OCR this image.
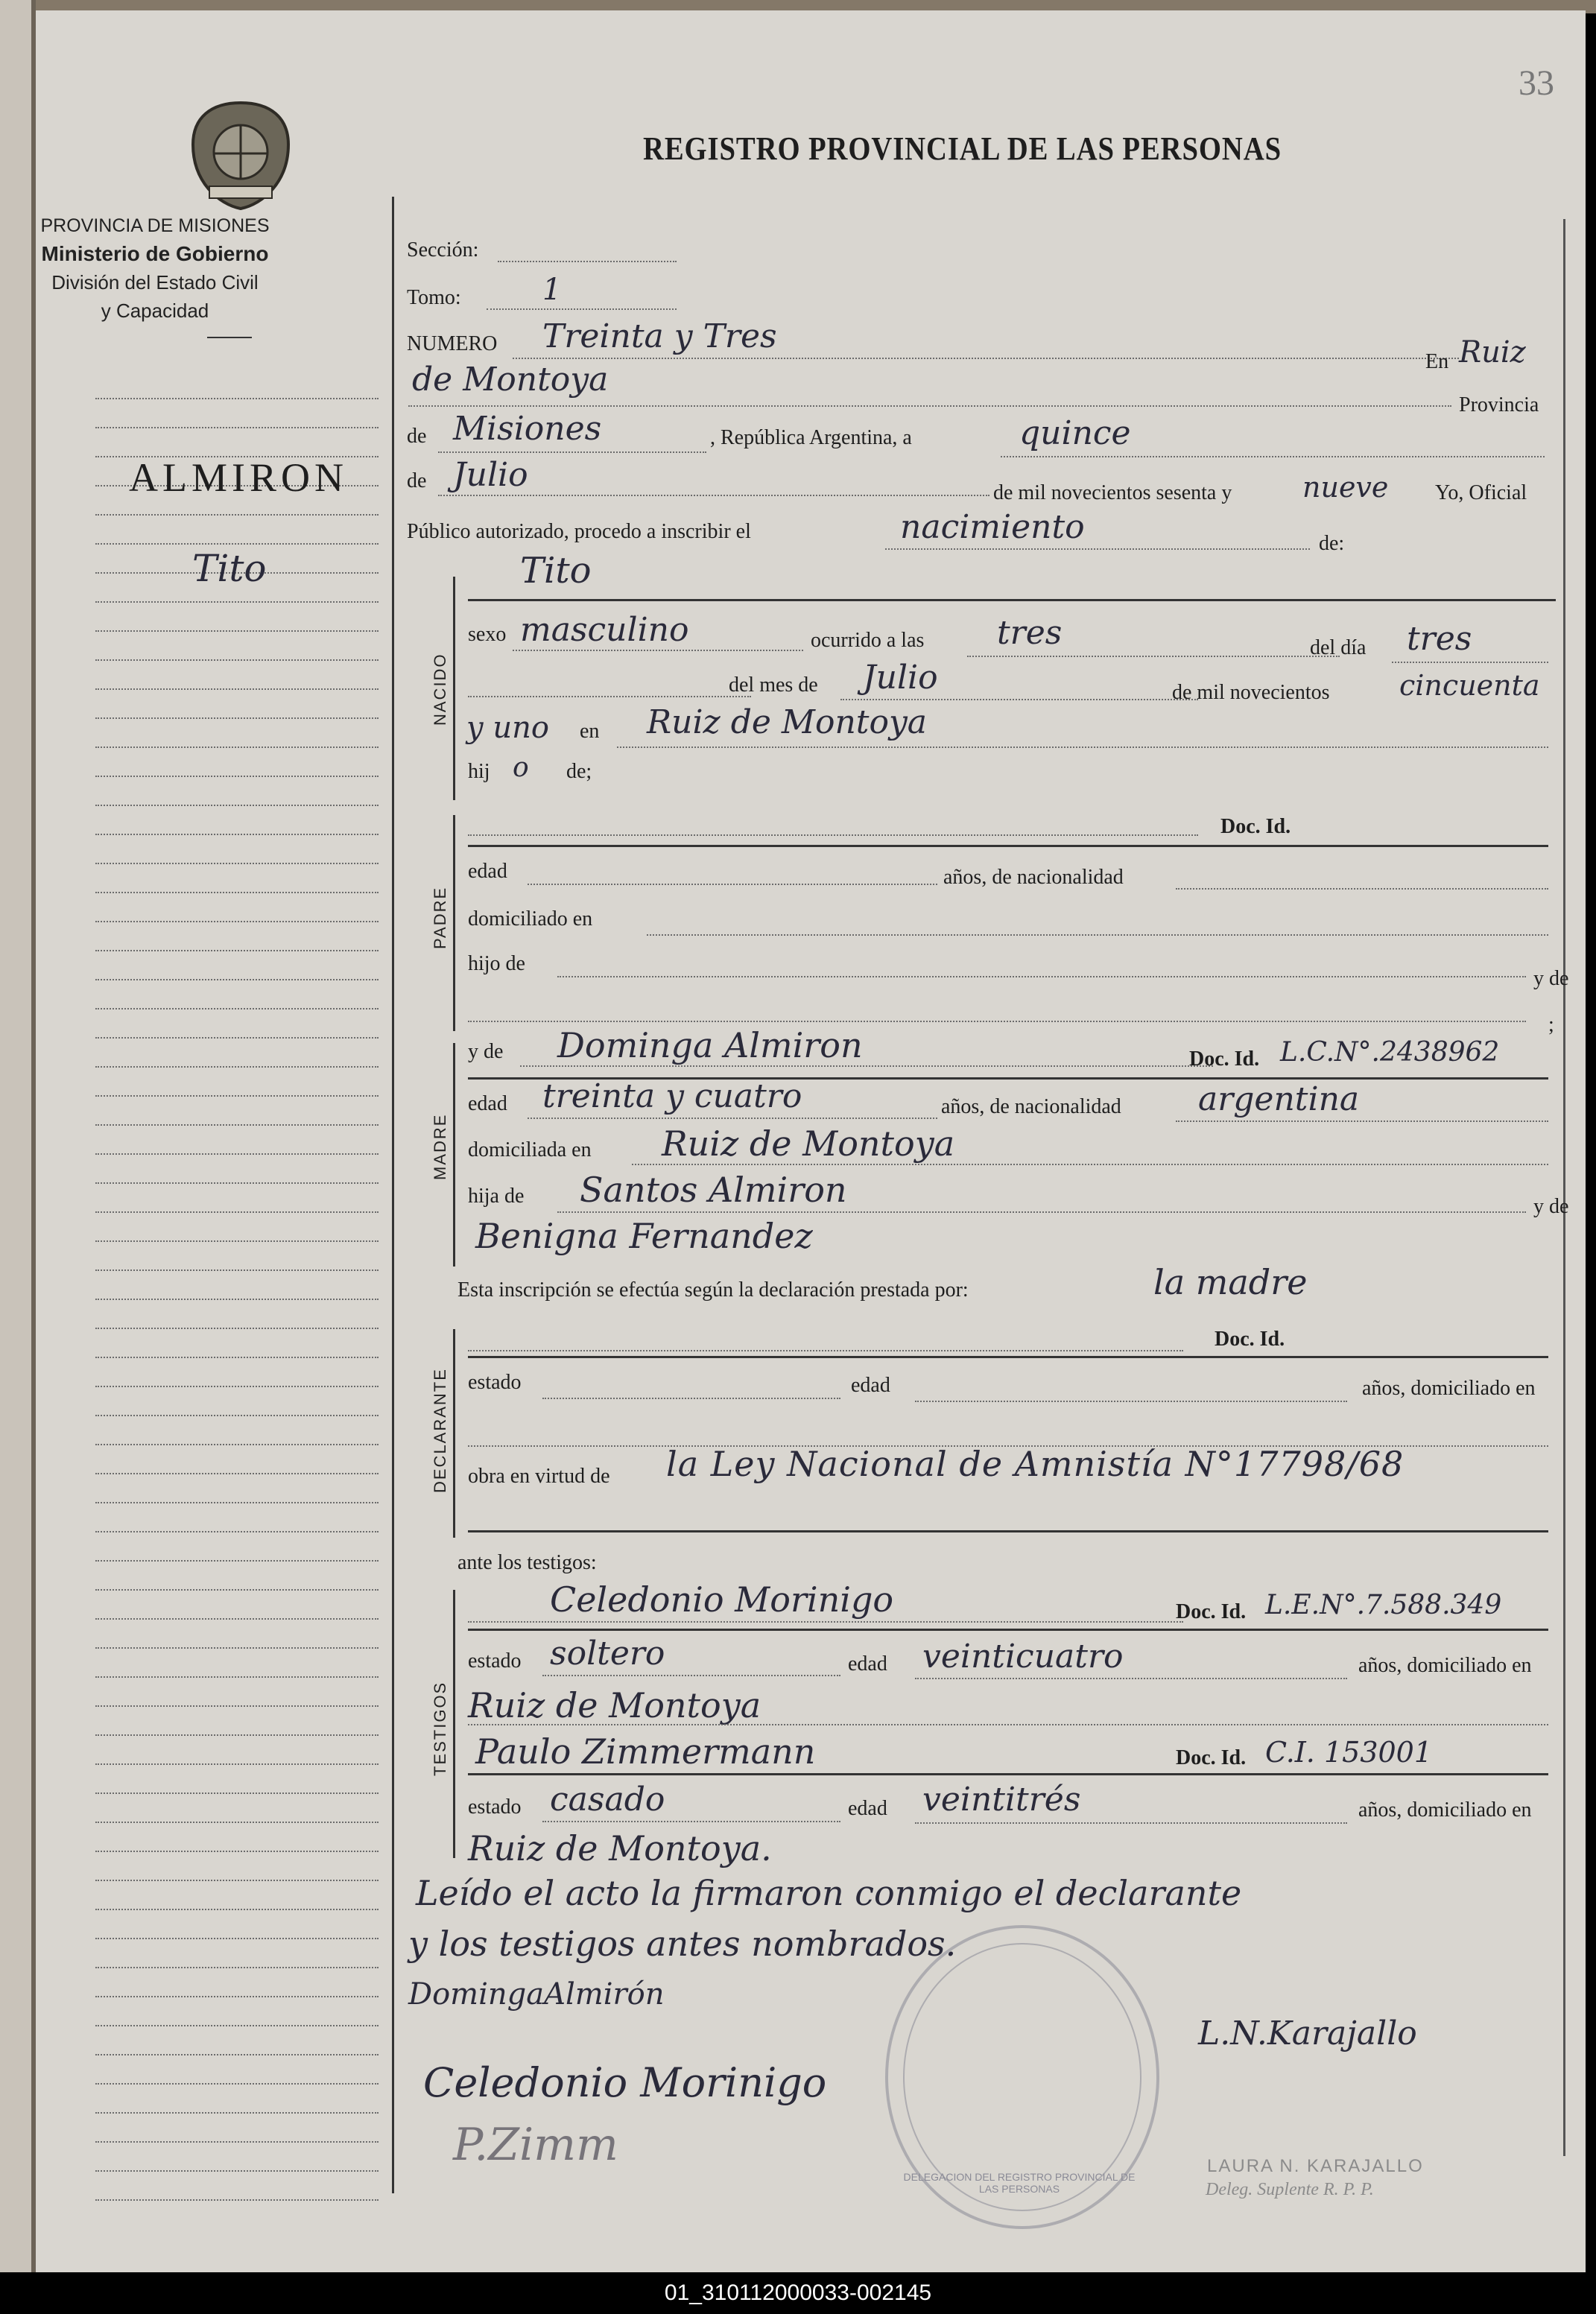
33
PROVINCIA DE MISIONES
Ministerio de Gobierno
División del Estado Civil
y Capacidad
REGISTRO PROVINCIAL DE LAS PERSONAS
ALMIRON
Tito
Sección:
Tomo:	1
NUMERO Treinta y Tres
En Ruiz
de Montoya
Provincia
de Misiones	, República Argentina, a	quince
de Julio	de mil novecientos sesenta y nueve Yo, Oficial
Público autorizado, procedo a inscribir el	nacimiento	de:
NACIDO
Tito
sexo masculino	ocurrido a las tres	del día tres
del mes de Julio	de mil novecientos cincuenta
y uno en Ruiz de Montoya
hij o de;
PADRE
Doc. Id.
edad	años, de nacionalidad
domiciliado en
hijo de
y de
;
MADRE
y de Dominga Almiron	Doc. Id. L.C.N°.2438962
edad treinta y cuatro	años, de nacionalidad argentina
domiciliada en Ruiz de Montoya
hija de Santos Almiron	y de
Benigna Fernandez
Esta inscripción se efectúa según la declaración prestada por:	la madre
DECLARANTE
Doc. Id.
estado	edad	años, domiciliado en
obra en virtud de la Ley Nacional de Amnistía N°17798/68
ante los testigos:
TESTIGOS
Celedonio Morinigo	Doc. Id. L.E.N°.7.588.349
estado soltero	edad veinticuatro	años, domiciliado en
Ruiz de Montoya
Paulo Zimmermann	Doc. Id. C.I. 153001
estado casado	edad veintitrés	años, domiciliado en
Ruiz de Montoya.
Leído el acto la firmaron conmigo el declarante
y los testigos antes nombrados.
DomingaAlmirón
L.N.Karajallo
Celedonio Morinigo
P.Zimm
DELEGACION DEL REGISTRO PROVINCIAL DE LAS PERSONAS
LAURA N. KARAJALLO
Deleg. Suplente R. P. P.
01_310112000033-002145
